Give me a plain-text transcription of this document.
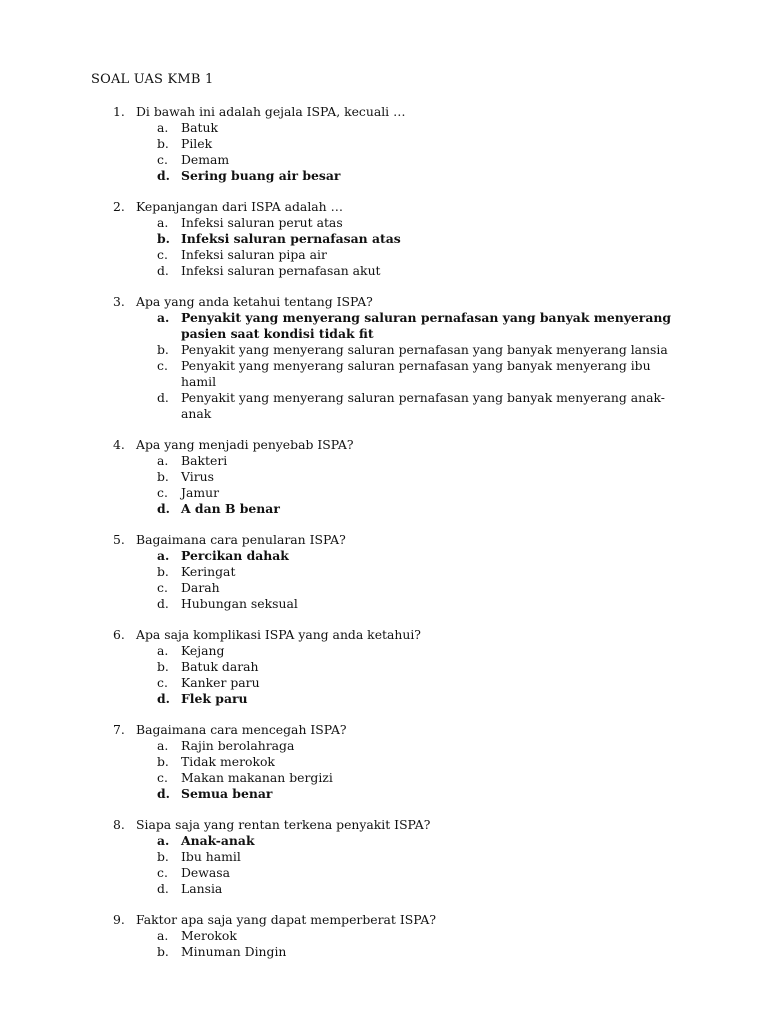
SOAL UAS KMB 1
1. Di bawah ini adalah gejala ISPA, kecuali …
a.	Batuk
b. Pilek
c.	Demam
d. Sering buang air besar
2. Kepanjangan dari ISPA adalah …
a.	Infeksi saluran perut atas
b. Infeksi saluran pernafasan atas
c.	Infeksi saluran pipa air
d. Infeksi saluran pernafasan akut
3. Apa yang anda ketahui tentang ISPA?
a. Penyakit yang menyerang saluran pernafasan yang banyak menyerang pasien saat kondisi tidak fit
b. Penyakit yang menyerang saluran pernafasan yang banyak menyerang lansia
c.	Penyakit yang menyerang saluran pernafasan yang banyak menyerang ibu hamil
d. Penyakit yang menyerang saluran pernafasan yang banyak menyerang anak-anak
4. Apa yang menjadi penyebab ISPA?
a.	Bakteri
b. Virus
c.	Jamur
d. A dan B benar
5. Bagaimana cara penularan ISPA?
a. Percikan dahak
b. Keringat
c.	Darah
d. Hubungan seksual
6. Apa saja komplikasi ISPA yang anda ketahui?
a.	Kejang
b. Batuk darah
c.	Kanker paru
d. Flek paru
7. Bagaimana cara mencegah ISPA?
a.	Rajin berolahraga
b. Tidak merokok
c.	Makan makanan bergizi
d. Semua benar
8. Siapa saja yang rentan terkena penyakit ISPA?
a. Anak-anak
b. Ibu hamil
c.	Dewasa
d. Lansia
9. Faktor apa saja yang dapat memperberat ISPA?
a.	Merokok
b. Minuman Dingin
